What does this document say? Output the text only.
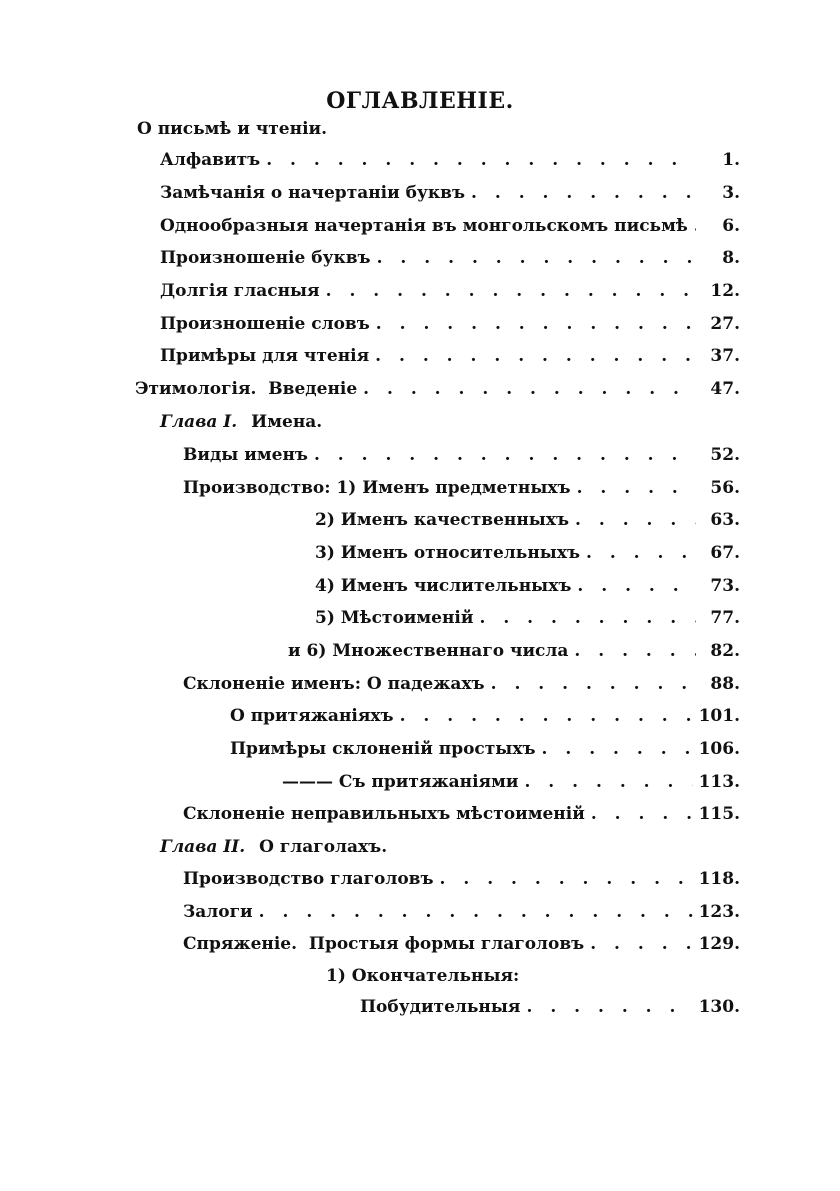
ОГЛАВЛЕНІЕ.
О письмѣ и чтеніи.
Алфавитъ . . .	1.
Замѣчанія о начертаніи буквъ . . .	3.
Однообразныя начертанія въ монгольскомъ письмѣ . . .	6.
Произношеніе буквъ . . .	8.
Долгія гласныя . . .	12.
Произношеніе словъ . . .	27.
Примѣры для чтенія . . .	37.
Этимологія. Введеніе . . .	47.
Глава I. Имена.
Виды именъ . . .	52.
Производство: 1) Именъ предметныхъ . . .	56.
2) Именъ качественныхъ . . .	63.
3) Именъ относительныхъ . . .	67.
4) Именъ числительныхъ . . .	73.
5) Мѣстоименій . . .	77.
и 6) Множественнаго числа . . .	82.
Склоненіе именъ: О падежахъ . . .	88.
О притяжаніяхъ . . .	101.
Примѣры склоненій простыхъ . . .	106.
——— Съ притяжаніями . . .	113.
Склоненіе неправильныхъ мѣстоименій . . .	115.
Глава II. О глаголахъ.
Производство глаголовъ . . .	118.
Залоги . . .	123.
Спряженіе. Простыя формы глаголовъ . . .	129.
1) Окончательныя:
Побудительныя . . .	130.
